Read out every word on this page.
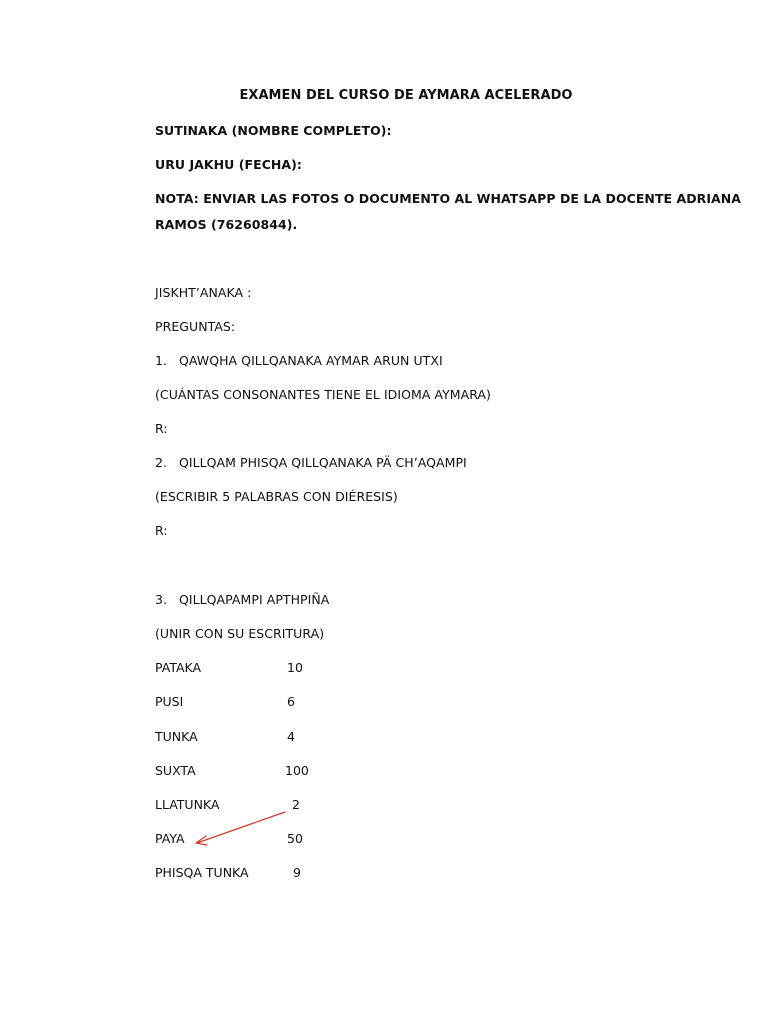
EXAMEN DEL CURSO DE AYMARA ACELERADO
SUTINAKA (NOMBRE COMPLETO):
URU JAKHU (FECHA):
NOTA: ENVIAR LAS FOTOS O DOCUMENTO AL WHATSAPP DE LA DOCENTE ADRIANA
RAMOS (76260844).
JISKHT’ANAKA :
PREGUNTAS:
1. QAWQHA QILLQANAKA AYMAR ARUN UTXI
(CUÁNTAS CONSONANTES TIENE EL IDIOMA AYMARA)
R:
2. QILLQAM PHISQA QILLQANAKA PÄ CH’AQAMPI
(ESCRIBIR 5 PALABRAS CON DIÉRESIS)
R:
3. QILLQAPAMPI APTHPIÑA
(UNIR CON SU ESCRITURA)
PATAKA	10
PUSI	6
TUNKA	4
SUXTA	100
LLATUNKA	2
PAYA	50
PHISQA TUNKA	9
